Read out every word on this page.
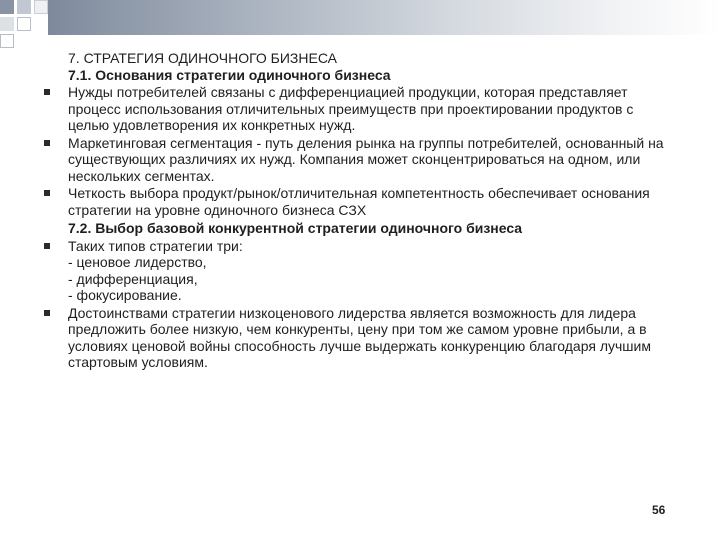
7. СТРАТЕГИЯ ОДИНОЧНОГО БИЗНЕСА
7.1. Основания стратегии одиночного бизнеса
Нужды потребителей связаны с дифференциацией продукции, которая представляет процесс использования отличительных преимуществ при проектировании продуктов с целью удовлетворения их конкретных нужд.
Маркетинговая сегментация - путь деления рынка на группы потребителей, основанный на существующих различиях их нужд. Компания может сконцентрироваться на одном, или нескольких сегментах.
Четкость выбора продукт/рынок/отличительная компетентность обеспечивает основания стратегии на уровне одиночного бизнеса СЗХ
7.2. Выбор базовой конкурентной стратегии одиночного бизнеса
Таких типов стратегии три:
- ценовое лидерство,
- дифференциация,
- фокусирование.
Достоинствами стратегии низкоценового лидерства является возможность для лидера предложить более низкую, чем конкуренты, цену при том же самом уровне прибыли, а в условиях ценовой войны способность лучше выдержать конкуренцию благодаря лучшим стартовым условиям.
56
